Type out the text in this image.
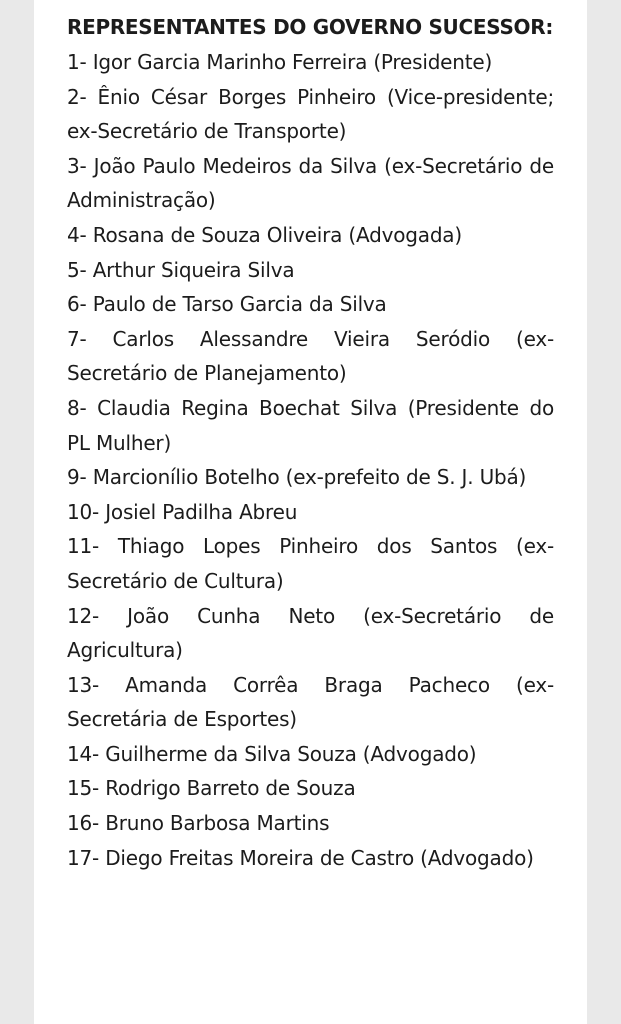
REPRESENTANTES DO GOVERNO SUCESSOR:

1- Igor Garcia Marinho Ferreira (Presidente)
2- Ênio César Borges Pinheiro (Vice-presidente; ex-Secretário de Transporte)
3- João Paulo Medeiros da Silva (ex-Secretário de Administração)
4- Rosana de Souza Oliveira (Advogada)
5- Arthur Siqueira Silva
6- Paulo de Tarso Garcia da Silva
7- Carlos Alessandre Vieira Seródio (ex-Secretário de Planejamento)
8- Claudia Regina Boechat Silva (Presidente do PL Mulher)
9- Marcionílio Botelho (ex-prefeito de S. J. Ubá)
10- Josiel Padilha Abreu
11- Thiago Lopes Pinheiro dos Santos (ex-Secretário de Cultura)
12- João Cunha Neto (ex-Secretário de Agricultura)
13- Amanda Corrêa Braga Pacheco (ex-Secretária de Esportes)
14- Guilherme da Silva Souza (Advogado)
15- Rodrigo Barreto de Souza
16- Bruno Barbosa Martins
17- Diego Freitas Moreira de Castro (Advogado)
